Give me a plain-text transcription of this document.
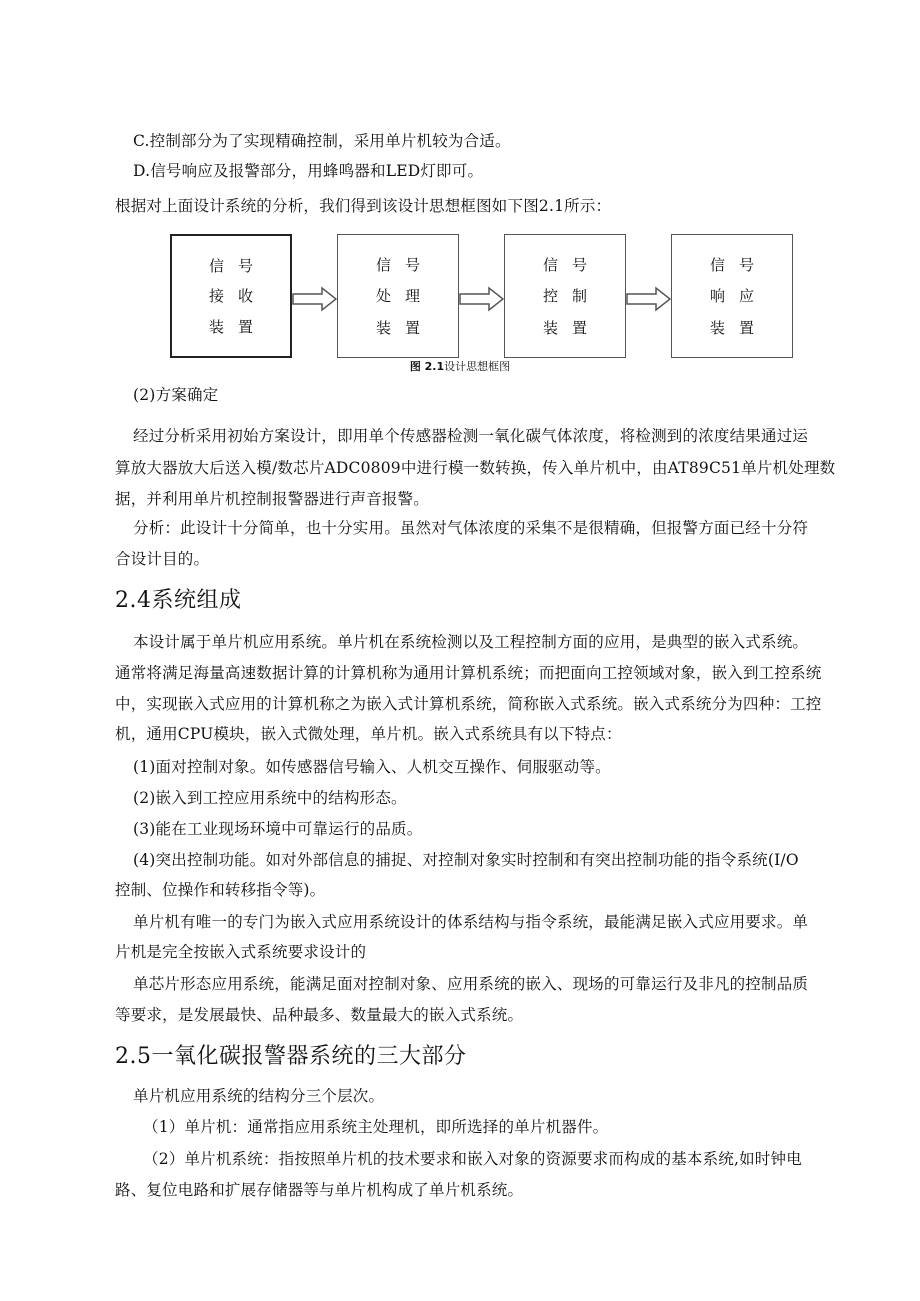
C.控制部分为了实现精确控制，采用单片机较为合适。
D.信号响应及报警部分，用蜂鸣器和LED灯即可。
根据对上面设计系统的分析，我们得到该设计思想框图如下图2.1所示：
信号
接收
装置
信号
处理
装置
信号
控制
装置
信号
响应
装置
图 2.1设计思想框图
(2)方案确定
经过分析采用初始方案设计，即用单个传感器检测一氧化碳气体浓度，将检测到的浓度结果通过运
算放大器放大后送入模/数芯片ADC0809中进行模一数转换，传入单片机中，由AT89C51单片机处理数
据，并利用单片机控制报警器进行声音报警。
分析：此设计十分简单，也十分实用。虽然对气体浓度的采集不是很精确，但报警方面已经十分符
合设计目的。
2.4系统组成
本设计属于单片机应用系统。单片机在系统检测以及工程控制方面的应用，是典型的嵌入式系统。
通常将满足海量高速数据计算的计算机称为通用计算机系统；而把面向工控领域对象，嵌入到工控系统
中，实现嵌入式应用的计算机称之为嵌入式计算机系统，简称嵌入式系统。嵌入式系统分为四种：工控
机，通用CPU模块，嵌入式微处理，单片机。嵌入式系统具有以下特点：
(1)面对控制对象。如传感器信号输入、人机交互操作、伺服驱动等。
(2)嵌入到工控应用系统中的结构形态。
(3)能在工业现场环境中可靠运行的品质。
(4)突出控制功能。如对外部信息的捕捉、对控制对象实时控制和有突出控制功能的指令系统(I/O
控制、位操作和转移指令等)。
单片机有唯一的专门为嵌入式应用系统设计的体系结构与指令系统，最能满足嵌入式应用要求。单
片机是完全按嵌入式系统要求设计的
单芯片形态应用系统，能满足面对控制对象、应用系统的嵌入、现场的可靠运行及非凡的控制品质
等要求，是发展最快、品种最多、数量最大的嵌入式系统。
2.5一氧化碳报警器系统的三大部分
单片机应用系统的结构分三个层次。
（1）单片机：通常指应用系统主处理机，即所选择的单片机器件。
（2）单片机系统：指按照单片机的技术要求和嵌入对象的资源要求而构成的基本系统,如时钟电
路、复位电路和扩展存储器等与单片机构成了单片机系统。
